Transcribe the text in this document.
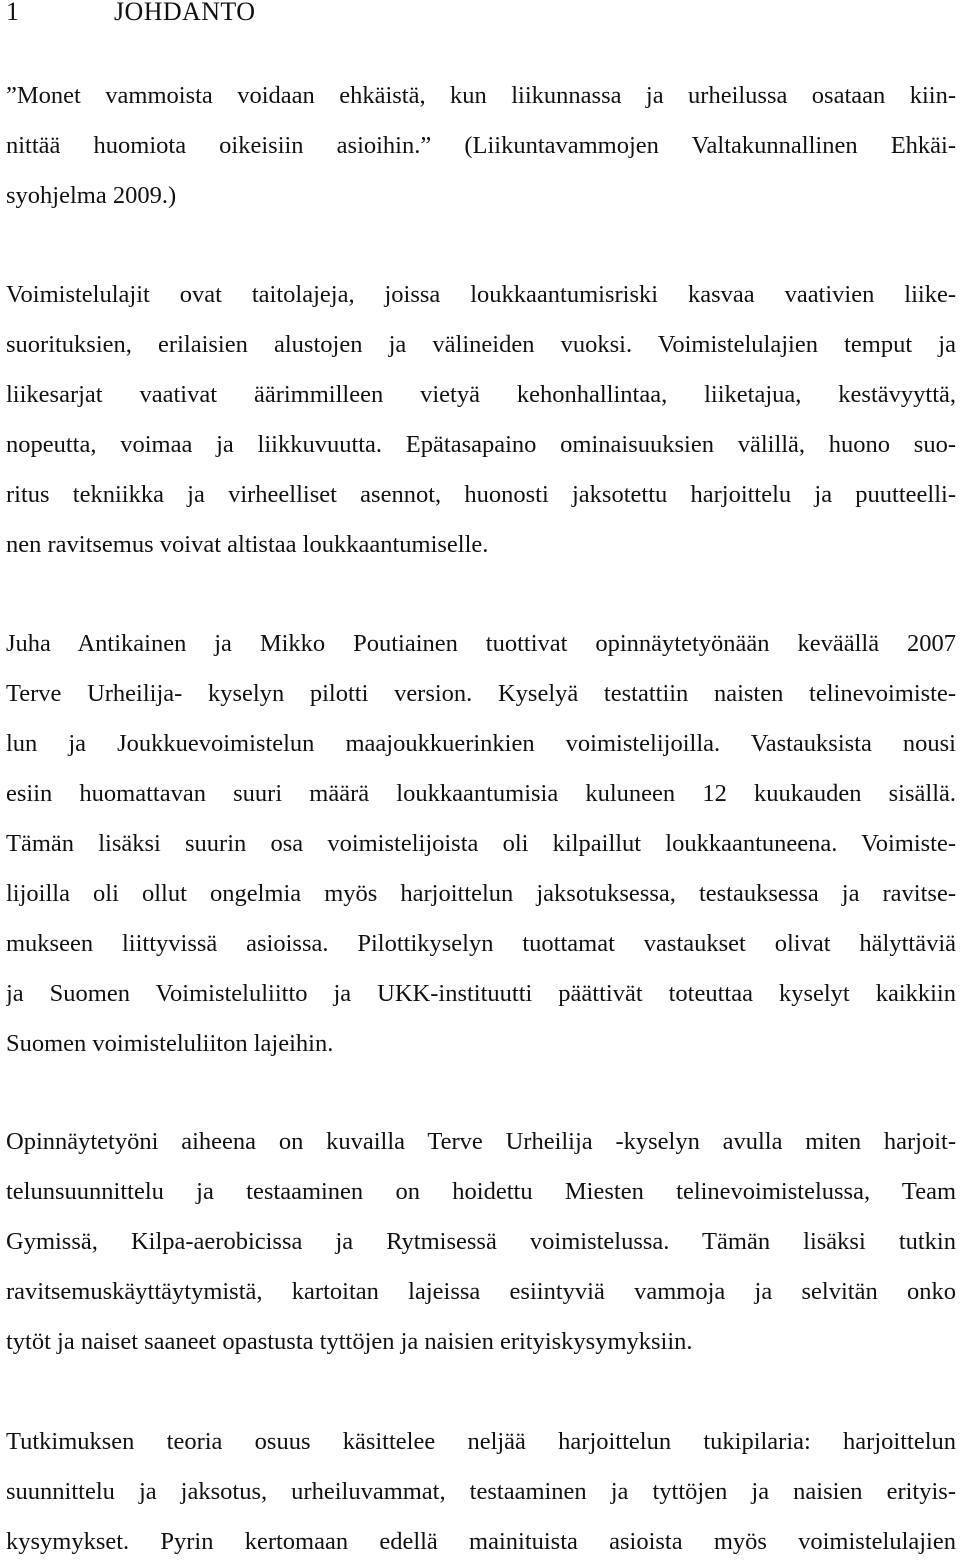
1	JOHDANTO
”Monet vammoista voidaan ehkäistä, kun liikunnassa ja urheilussa osataan kiin-
nittää huomiota oikeisiin asioihin.” (Liikuntavammojen Valtakunnallinen Ehkäi-
syohjelma 2009.)
Voimistelulajit ovat taitolajeja, joissa loukkaantumisriski kasvaa vaativien liike-
suorituksien, erilaisien alustojen ja välineiden vuoksi. Voimistelulajien temput ja
liikesarjat vaativat äärimmilleen vietyä kehonhallintaa, liiketajua, kestävyyttä,
nopeutta, voimaa ja liikkuvuutta. Epätasapaino ominaisuuksien välillä, huono suo-
ritus tekniikka ja virheelliset asennot, huonosti jaksotettu harjoittelu ja puutteelli-
nen ravitsemus voivat altistaa loukkaantumiselle.
Juha Antikainen ja Mikko Poutiainen tuottivat opinnäytetyönään keväällä 2007
Terve Urheilija- kyselyn pilotti version. Kyselyä testattiin naisten telinevoimiste-
lun ja Joukkuevoimistelun maajoukkuerinkien voimistelijoilla. Vastauksista nousi
esiin huomattavan suuri määrä loukkaantumisia kuluneen 12 kuukauden sisällä.
Tämän lisäksi suurin osa voimistelijoista oli kilpaillut loukkaantuneena. Voimiste-
lijoilla oli ollut ongelmia myös harjoittelun jaksotuksessa, testauksessa ja ravitse-
mukseen liittyvissä asioissa. Pilottikyselyn tuottamat vastaukset olivat hälyttäviä
ja Suomen Voimisteluliitto ja UKK-instituutti päättivät toteuttaa kyselyt kaikkiin
Suomen voimisteluliiton lajeihin.
Opinnäytetyöni aiheena on kuvailla Terve Urheilija -kyselyn avulla miten harjoit-
telunsuunnittelu ja testaaminen on hoidettu Miesten telinevoimistelussa, Team
Gymissä, Kilpa-aerobicissa ja Rytmisessä voimistelussa. Tämän lisäksi tutkin
ravitsemuskäyttäytymistä, kartoitan lajeissa esiintyviä vammoja ja selvitän onko
tytöt ja naiset saaneet opastusta tyttöjen ja naisien erityiskysymyksiin.
Tutkimuksen teoria osuus käsittelee neljää harjoittelun tukipilaria: harjoittelun
suunnittelu ja jaksotus, urheiluvammat, testaaminen ja tyttöjen ja naisien erityis-
kysymykset. Pyrin kertomaan edellä mainituista asioista myös voimistelulajien
